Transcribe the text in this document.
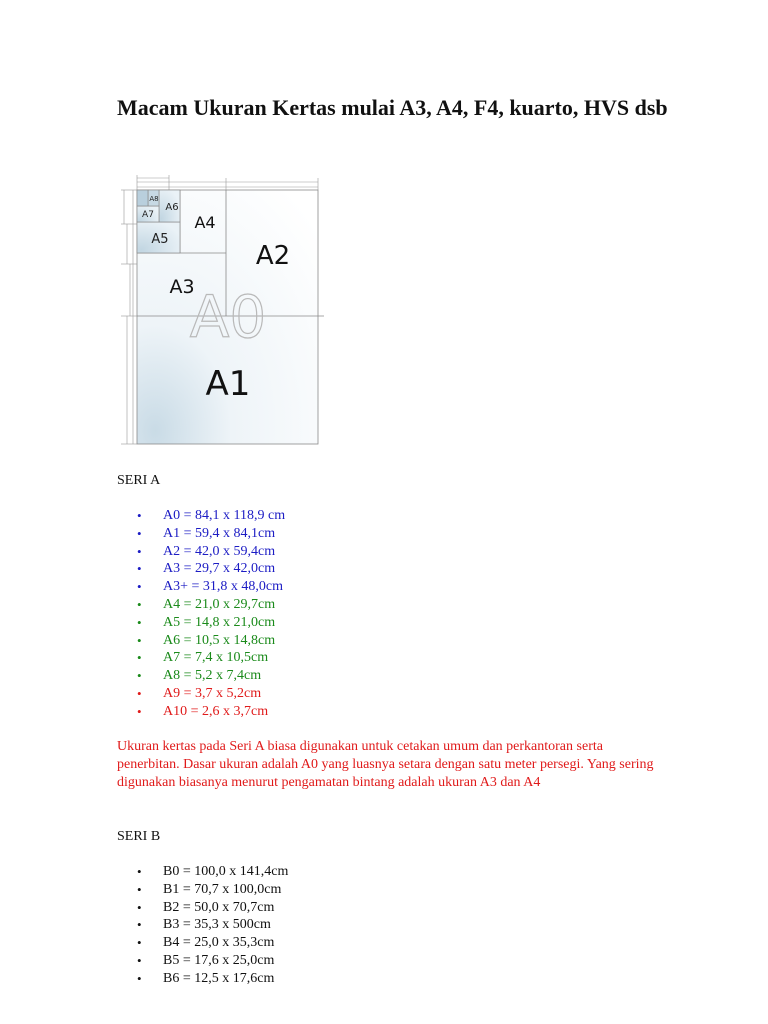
Macam Ukuran Kertas mulai A3, A4, F4, kuarto, HVS dsb
A0
A1
A2
A3
A4
A5
A6
A7
A8
SERI A
• A0 = 84,1 x 118,9 cm
• A1 = 59,4 x 84,1cm
• A2 = 42,0 x 59,4cm
• A3 = 29,7 x 42,0cm
• A3+ = 31,8 x 48,0cm
• A4 = 21,0 x 29,7cm
• A5 = 14,8 x 21,0cm
• A6 = 10,5 x 14,8cm
• A7 = 7,4 x 10,5cm
• A8 = 5,2 x 7,4cm
• A9 = 3,7 x 5,2cm
• A10 = 2,6 x 3,7cm

Ukuran kertas pada Seri A biasa digunakan untuk cetakan umum dan perkantoran serta penerbitan. Dasar ukuran adalah A0 yang luasnya setara dengan satu meter persegi. Yang sering digunakan biasanya menurut pengamatan bintang adalah ukuran A3 dan A4

SERI B
• B0 = 100,0 x 141,4cm
• B1 = 70,7 x 100,0cm
• B2 = 50,0 x 70,7cm
• B3 = 35,3 x 500cm
• B4 = 25,0 x 35,3cm
• B5 = 17,6 x 25,0cm
• B6 = 12,5 x 17,6cm
